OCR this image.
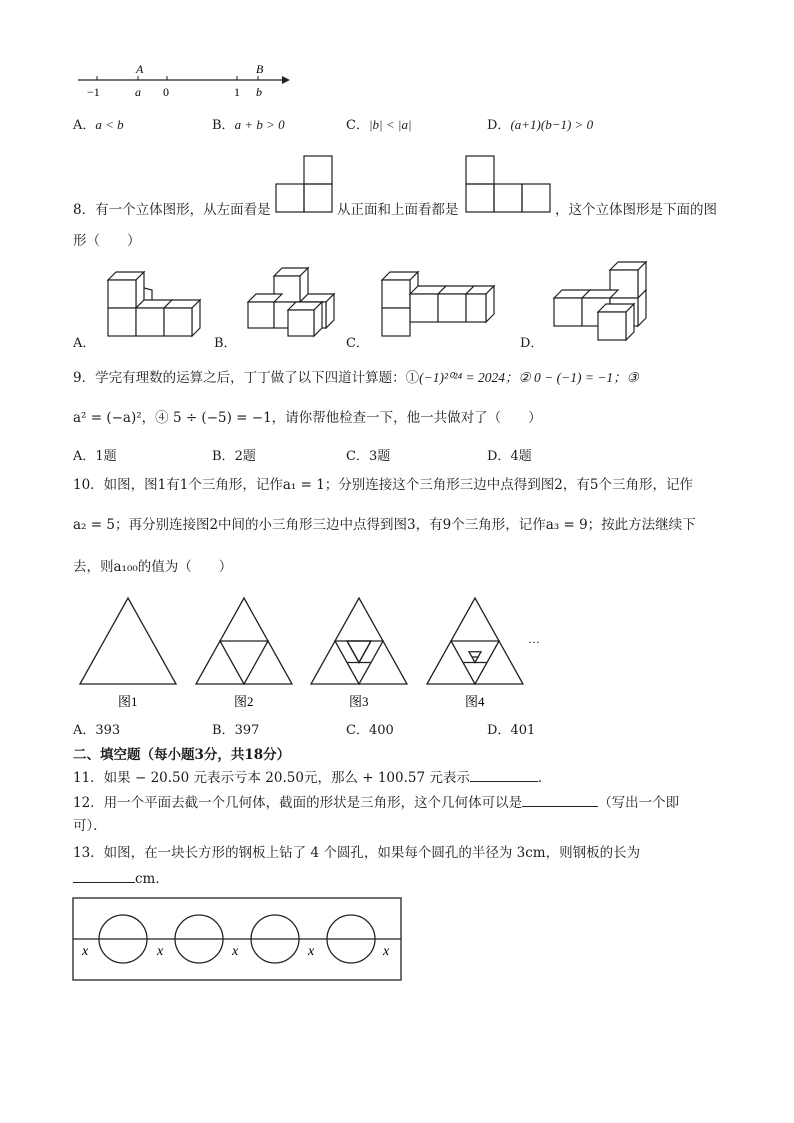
A	B
−1	a 0	1 b
A．a < b	B．a + b > 0	C．|b| < |a|	D．(a+1)(b−1) > 0
8．有一个立体图形，从左面看是	从正面和上面看都是	，这个立体图形是下面的图
形（　　）
A．	B．	C．	D．
9．学完有理数的运算之后，丁丁做了以下四道计算题：①(−1)²⁰²⁴ = 2024；② 0 − (−1) = −1；③
a² = (−a)²，④ 5 ÷ (−5) = −1，请你帮他检查一下，他一共做对了（　　）
A．1题	B．2题	C．3题	D．4题
10．如图，图1有1个三角形，记作a₁ = 1；分别连接这个三角形三边中点得到图2，有5个三角形，记作
a₂ = 5；再分别连接图2中间的小三角形三边中点得到图3，有9个三角形，记作a₃ = 9；按此方法继续下
去，则a₁₀₀的值为（　　）
···
图1	图2	图3	图4
A．393	B．397	C．400	D．401
二、填空题（每小题3分，共18分）
11．如果 − 20.50 元表示亏本 20.50元，那么 + 100.57 元表示	．
12．用一个平面去截一个几何体，截面的形状是三角形，这个几何体可以是	（写出一个即
可）．
13．如图，在一块长方形的钢板上钻了 4 个圆孔，如果每个圆孔的半径为 3cm，则钢板的长为
cm．
x	x	x	x	x
